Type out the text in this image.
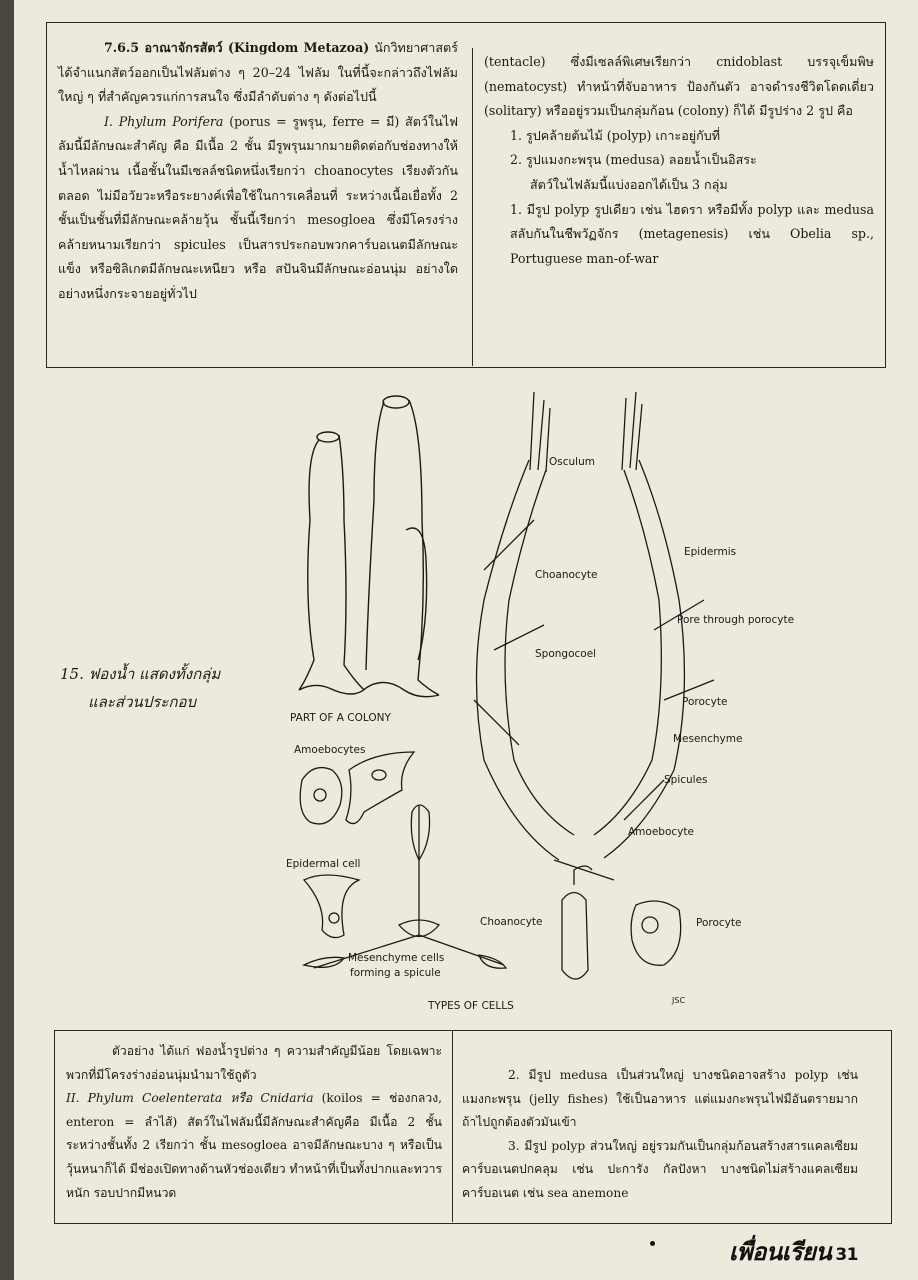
7.6.5 อาณาจักรสัตว์ (Kingdom Metazoa) นักวิทยาศาสตร์ได้จำแนกสัตว์ออกเป็นไฟลัมต่าง ๆ 20–24 ไฟลัม ในที่นี้จะกล่าวถึงไฟลัมใหญ่ ๆ ที่สำคัญควรแก่การสนใจ ซึ่งมีลำดับต่าง ๆ ดังต่อไปนี้

I. Phylum Porifera (porus = รูพรุน, ferre = มี) สัตว์ในไฟลัมนี้มีลักษณะสำคัญ คือ มีเนื้อ 2 ชั้น มีรูพรุนมากมายติดต่อกับช่องทางให้น้ำไหลผ่าน เนื้อชั้นในมีเซลล์ชนิดหนึ่งเรียกว่า choanocytes เรียงตัวกันตลอด ไม่มีอวัยวะหรือระยางค์เพื่อใช้ในการเคลื่อนที่ ระหว่างเนื้อเยื่อทั้ง 2 ชั้นเป็นชั้นที่มีลักษณะคล้ายวุ้น ชั้นนี้เรียกว่า mesogloea ซึ่งมีโครงร่างคล้ายหนามเรียกว่า spicules เป็นสารประกอบพวกคาร์บอเนตมีลักษณะแข็ง หรือซิลิเกตมีลักษณะเหนียว หรือ สปันจินมีลักษณะอ่อนนุ่ม อย่างใดอย่างหนึ่งกระจายอยู่ทั่วไป

(tentacle) ซึ่งมีเซลล์พิเศษเรียกว่า cnidoblast บรรจุเข็มพิษ (nematocyst) ทำหน้าที่จับอาหาร ป้องกันตัว อาจดำรงชีวิตโดดเดี่ยว (solitary) หรืออยู่รวมเป็นกลุ่มก้อน (colony) ก็ได้ มีรูปร่าง 2 รูป คือ

1. รูปคล้ายต้นไม้ (polyp) เกาะอยู่กับที่

2. รูปแมงกะพรุน (medusa) ลอยน้ำเป็นอิสระ

สัตว์ในไฟลัมนี้แบ่งออกได้เป็น 3 กลุ่ม

1. มีรูป polyp รูปเดียว เช่น ไฮดรา หรือมีทั้ง polyp และ medusa สลับกันในชีพวัฏจักร (metagenesis) เช่น Obelia sp., Portuguese man-of-war

PART OF A COLONY
Amoebocytes
Epidermal cell
Mesenchyme cells
forming a spicule
TYPES OF CELLS
Osculum
Choanocyte
Epidermis
Pore through porocyte
Spongocoel
Porocyte
Mesenchyme
Spicules
Amoebocyte
Choanocyte	Porocyte
JSC
15. ฟองน้ำ แสดงทั้งกลุ่ม
และส่วนประกอบ

ตัวอย่าง ได้แก่ ฟองน้ำรูปต่าง ๆ ความสำคัญมีน้อย โดยเฉพาะพวกที่มีโครงร่างอ่อนนุ่มนำมาใช้ถูตัว

II. Phylum Coelenterata หรือ Cnidaria (koilos = ช่องกลวง, enteron = ลำไส้) สัตว์ในไฟลัมนี้มีลักษณะสำคัญคือ มีเนื้อ 2 ชั้น ระหว่างชั้นทั้ง 2 เรียกว่า ชั้น mesogloea อาจมีลักษณะบาง ๆ หรือเป็นวุ้นหนาก็ได้ มีช่องเปิดทางด้านหัวช่องเดียว ทำหน้าที่เป็นทั้งปากและทวารหนัก รอบปากมีหนวด

2. มีรูป medusa เป็นส่วนใหญ่ บางชนิดอาจสร้าง polyp เช่น แมงกะพรุน (jelly fishes) ใช้เป็นอาหาร แต่แมงกะพรุนไฟมีอันตรายมาก ถ้าไปถูกต้องตัวมันเข้า

3. มีรูป polyp ส่วนใหญ่ อยู่รวมกันเป็นกลุ่มก้อนสร้างสารแคลเซียมคาร์บอเนตปกคลุม เช่น ปะการัง กัลปังหา บางชนิดไม่สร้างแคลเซียมคาร์บอเนต เช่น sea anemone

เพื่อนเรียน 31
